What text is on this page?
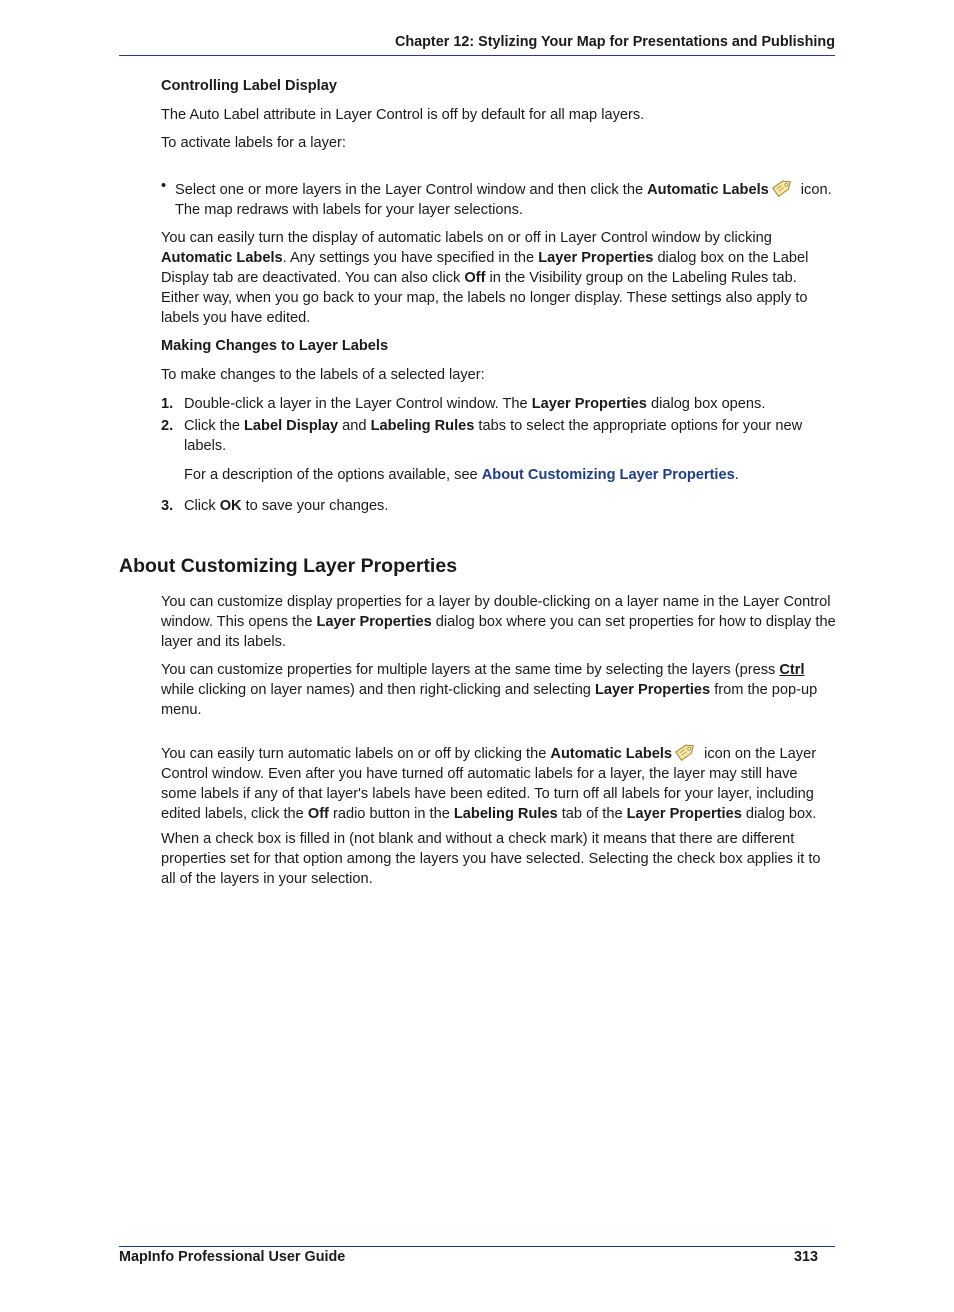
Chapter 12: Stylizing Your Map for Presentations and Publishing
Controlling Label Display
The Auto Label attribute in Layer Control is off by default for all map layers.
To activate labels for a layer:
• Select one or more layers in the Layer Control window and then click the Automatic Labels icon.
The map redraws with labels for your layer selections.
You can easily turn the display of automatic labels on or off in Layer Control window by clicking Automatic Labels. Any settings you have specified in the Layer Properties dialog box on the Label Display tab are deactivated. You can also click Off in the Visibility group on the Labeling Rules tab. Either way, when you go back to your map, the labels no longer display. These settings also apply to labels you have edited.
Making Changes to Layer Labels
To make changes to the labels of a selected layer:
1. Double-click a layer in the Layer Control window. The Layer Properties dialog box opens.
2. Click the Label Display and Labeling Rules tabs to select the appropriate options for your new labels.
For a description of the options available, see About Customizing Layer Properties.
3. Click OK to save your changes.
About Customizing Layer Properties
You can customize display properties for a layer by double-clicking on a layer name in the Layer Control window. This opens the Layer Properties dialog box where you can set properties for how to display the layer and its labels.
You can customize properties for multiple layers at the same time by selecting the layers (press Ctrl while clicking on layer names) and then right-clicking and selecting Layer Properties from the pop-up menu.
You can easily turn automatic labels on or off by clicking the Automatic Labels icon on the Layer Control window. Even after you have turned off automatic labels for a layer, the layer may still have some labels if any of that layer's labels have been edited. To turn off all labels for your layer, including edited labels, click the Off radio button in the Labeling Rules tab of the Layer Properties dialog box.
When a check box is filled in (not blank and without a check mark) it means that there are different properties set for that option among the layers you have selected. Selecting the check box applies it to all of the layers in your selection.
MapInfo Professional User Guide	313
